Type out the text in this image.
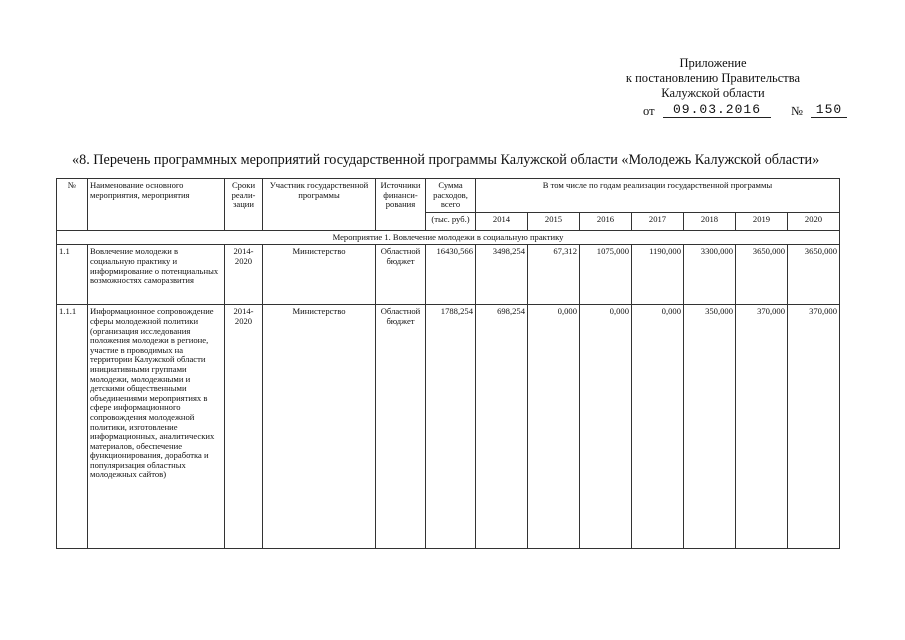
Приложение
к постановлению Правительства
Калужской области
от	09.03.2016	№ 150
«8. Перечень программных мероприятий государственной программы Калужской области «Молодежь Калужской области»
№	Наименование основного мероприятия, мероприятия	Сроки реали-зации	Участник государственной программы	Источники финанси-рования	Сумма расходов, всего	В том числе по годам реализации государственной программы						
					(тыс. руб.)	2014	2015	2016	2017	2018	2019	2020
Мероприятие 1. Вовлечение молодежи в социальную практику												
1.1	Вовлечение молодежи в социальную практику и информирование о потенциальных возможностях саморазвития	2014-2020	Министерство	Областной бюджет	16430,566	3498,254	67,312	1075,000	1190,000	3300,000	3650,000	3650,000
1.1.1	Информационное сопровождение сферы молодежной политики (организация исследования положения молодежи в регионе, участие в проводимых на территории Калужской области инициативными группами молодежи, молодежными и детскими общественными объединениями мероприятиях в сфере информационного сопровождения молодежной политики, изготовление информационных, аналитических материалов, обеспечение функционирования, доработка и популяризация областных молодежных сайтов)	2014-2020	Министерство	Областной бюджет	1788,254	698,254	0,000	0,000	0,000	350,000	370,000	370,000
